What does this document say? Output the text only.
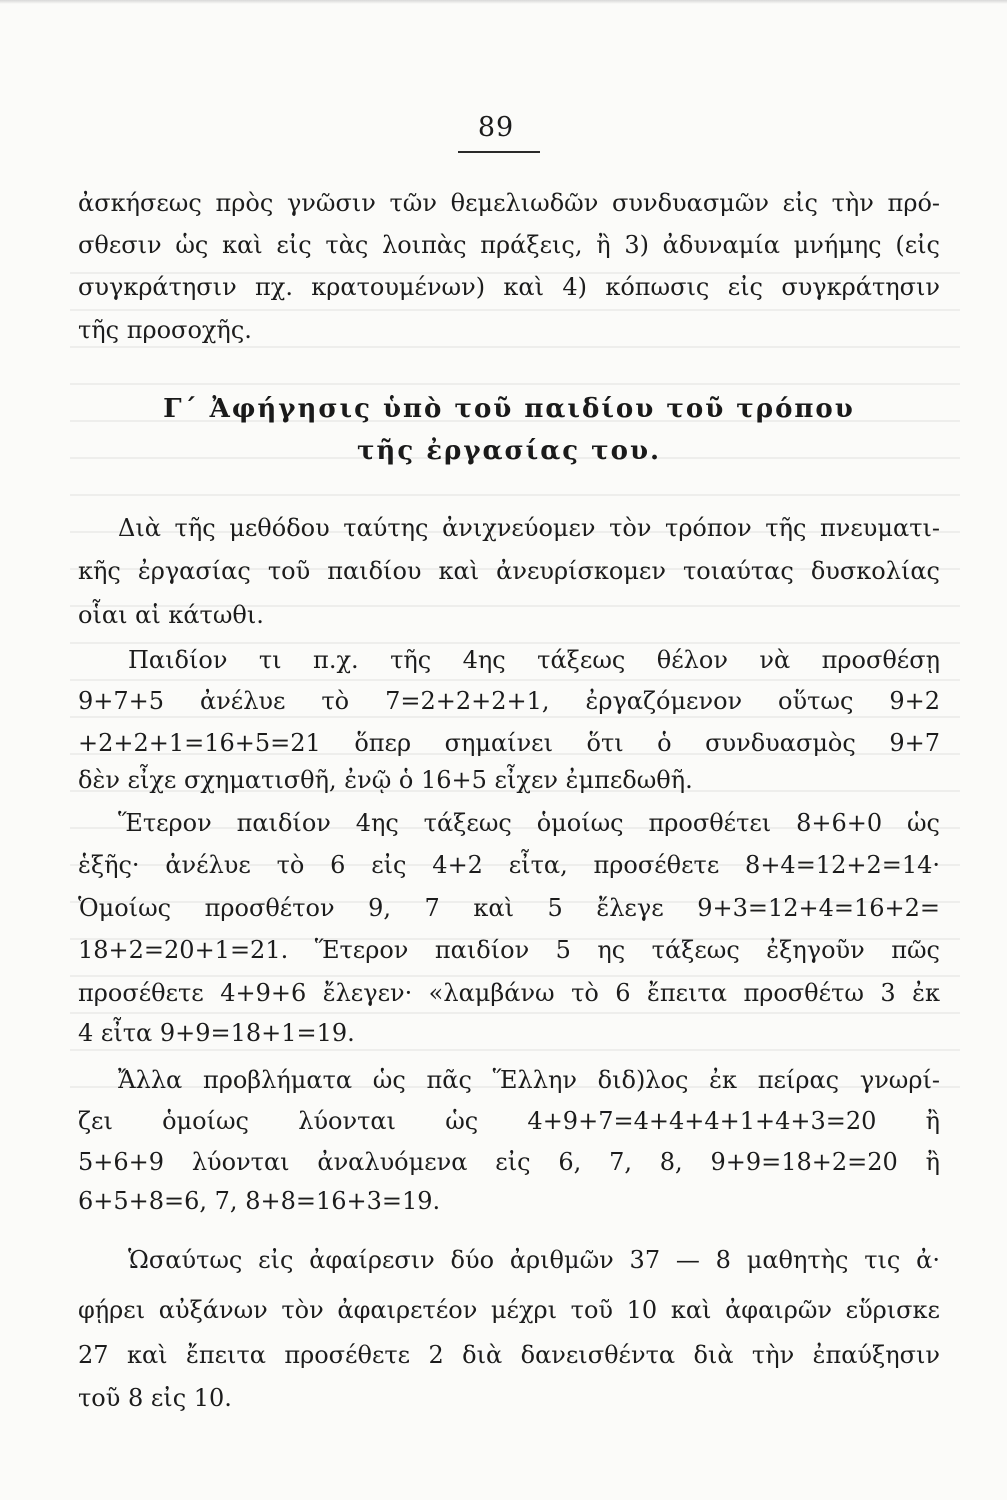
89
ἀσκήσεως πρὸς γνῶσιν τῶν θεμελιωδῶν συνδυασμῶν εἰς τὴν πρό-
σθεσιν ὡς καὶ εἰς τὰς λοιπὰς πράξεις, ἢ 3) ἀδυναμία μνήμης (εἰς
συγκράτησιν πχ. κρατουμένων) καὶ 4) κόπωσις εἰς συγκράτησιν
τῆς προσοχῆς.
Γ΄ Ἀφήγησις ὑπὸ τοῦ παιδίου τοῦ τρόπου
τῆς ἐργασίας του.
Διὰ τῆς μεθόδου ταύτης ἀνιχνεύομεν τὸν τρόπον τῆς πνευματι-
κῆς ἐργασίας τοῦ παιδίου καὶ ἀνευρίσκομεν τοιαύτας δυσκολίας
οἷαι αἱ κάτωθι.
Παιδίον τι π.χ. τῆς 4ης τάξεως θέλον νὰ προσθέσῃ
9+7+5 ἀνέλυε τὸ 7=2+2+2+1, ἐργαζόμενον οὕτως 9+2
+2+2+1=16+5=21 ὅπερ σημαίνει ὅτι ὁ συνδυασμὸς 9+7
δὲν εἶχε σχηματισθῆ, ἐνῷ ὁ 16+5 εἶχεν ἐμπεδωθῆ.
Ἕτερον παιδίον 4ης τάξεως ὁμοίως προσθέτει 8+6+0 ὡς
ἑξῆς· ἀνέλυε τὸ 6 εἰς 4+2 εἶτα, προσέθετε 8+4=12+2=14·
Ὁμοίως προσθέτον 9, 7 καὶ 5 ἔλεγε 9+3=12+4=16+2=
18+2=20+1=21. Ἕτερον παιδίον 5 ης τάξεως ἐξηγοῦν πῶς
προσέθετε 4+9+6 ἔλεγεν· «λαμβάνω τὸ 6 ἔπειτα προσθέτω 3 ἐκ
4 εἶτα 9+9=18+1=19.
Ἄλλα προβλήματα ὡς πᾶς Ἕλλην διδ)λος ἐκ πείρας γνωρί-
ζει ὁμοίως λύονται ὡς 4+9+7=4+4+4+1+4+3=20 ἢ
5+6+9 λύονται ἀναλυόμενα εἰς 6, 7, 8, 9+9=18+2=20 ἢ
6+5+8=6, 7, 8+8=16+3=19.
Ὡσαύτως εἰς ἀφαίρεσιν δύο ἀριθμῶν 37 — 8 μαθητὴς τις ἀ·
φῄρει αὐξάνων τὸν ἀφαιρετέον μέχρι τοῦ 10 καὶ ἀφαιρῶν εὕρισκε
27 καὶ ἔπειτα προσέθετε 2 διὰ δανεισθέντα διὰ τὴν ἐπαύξησιν
τοῦ 8 εἰς 10.
